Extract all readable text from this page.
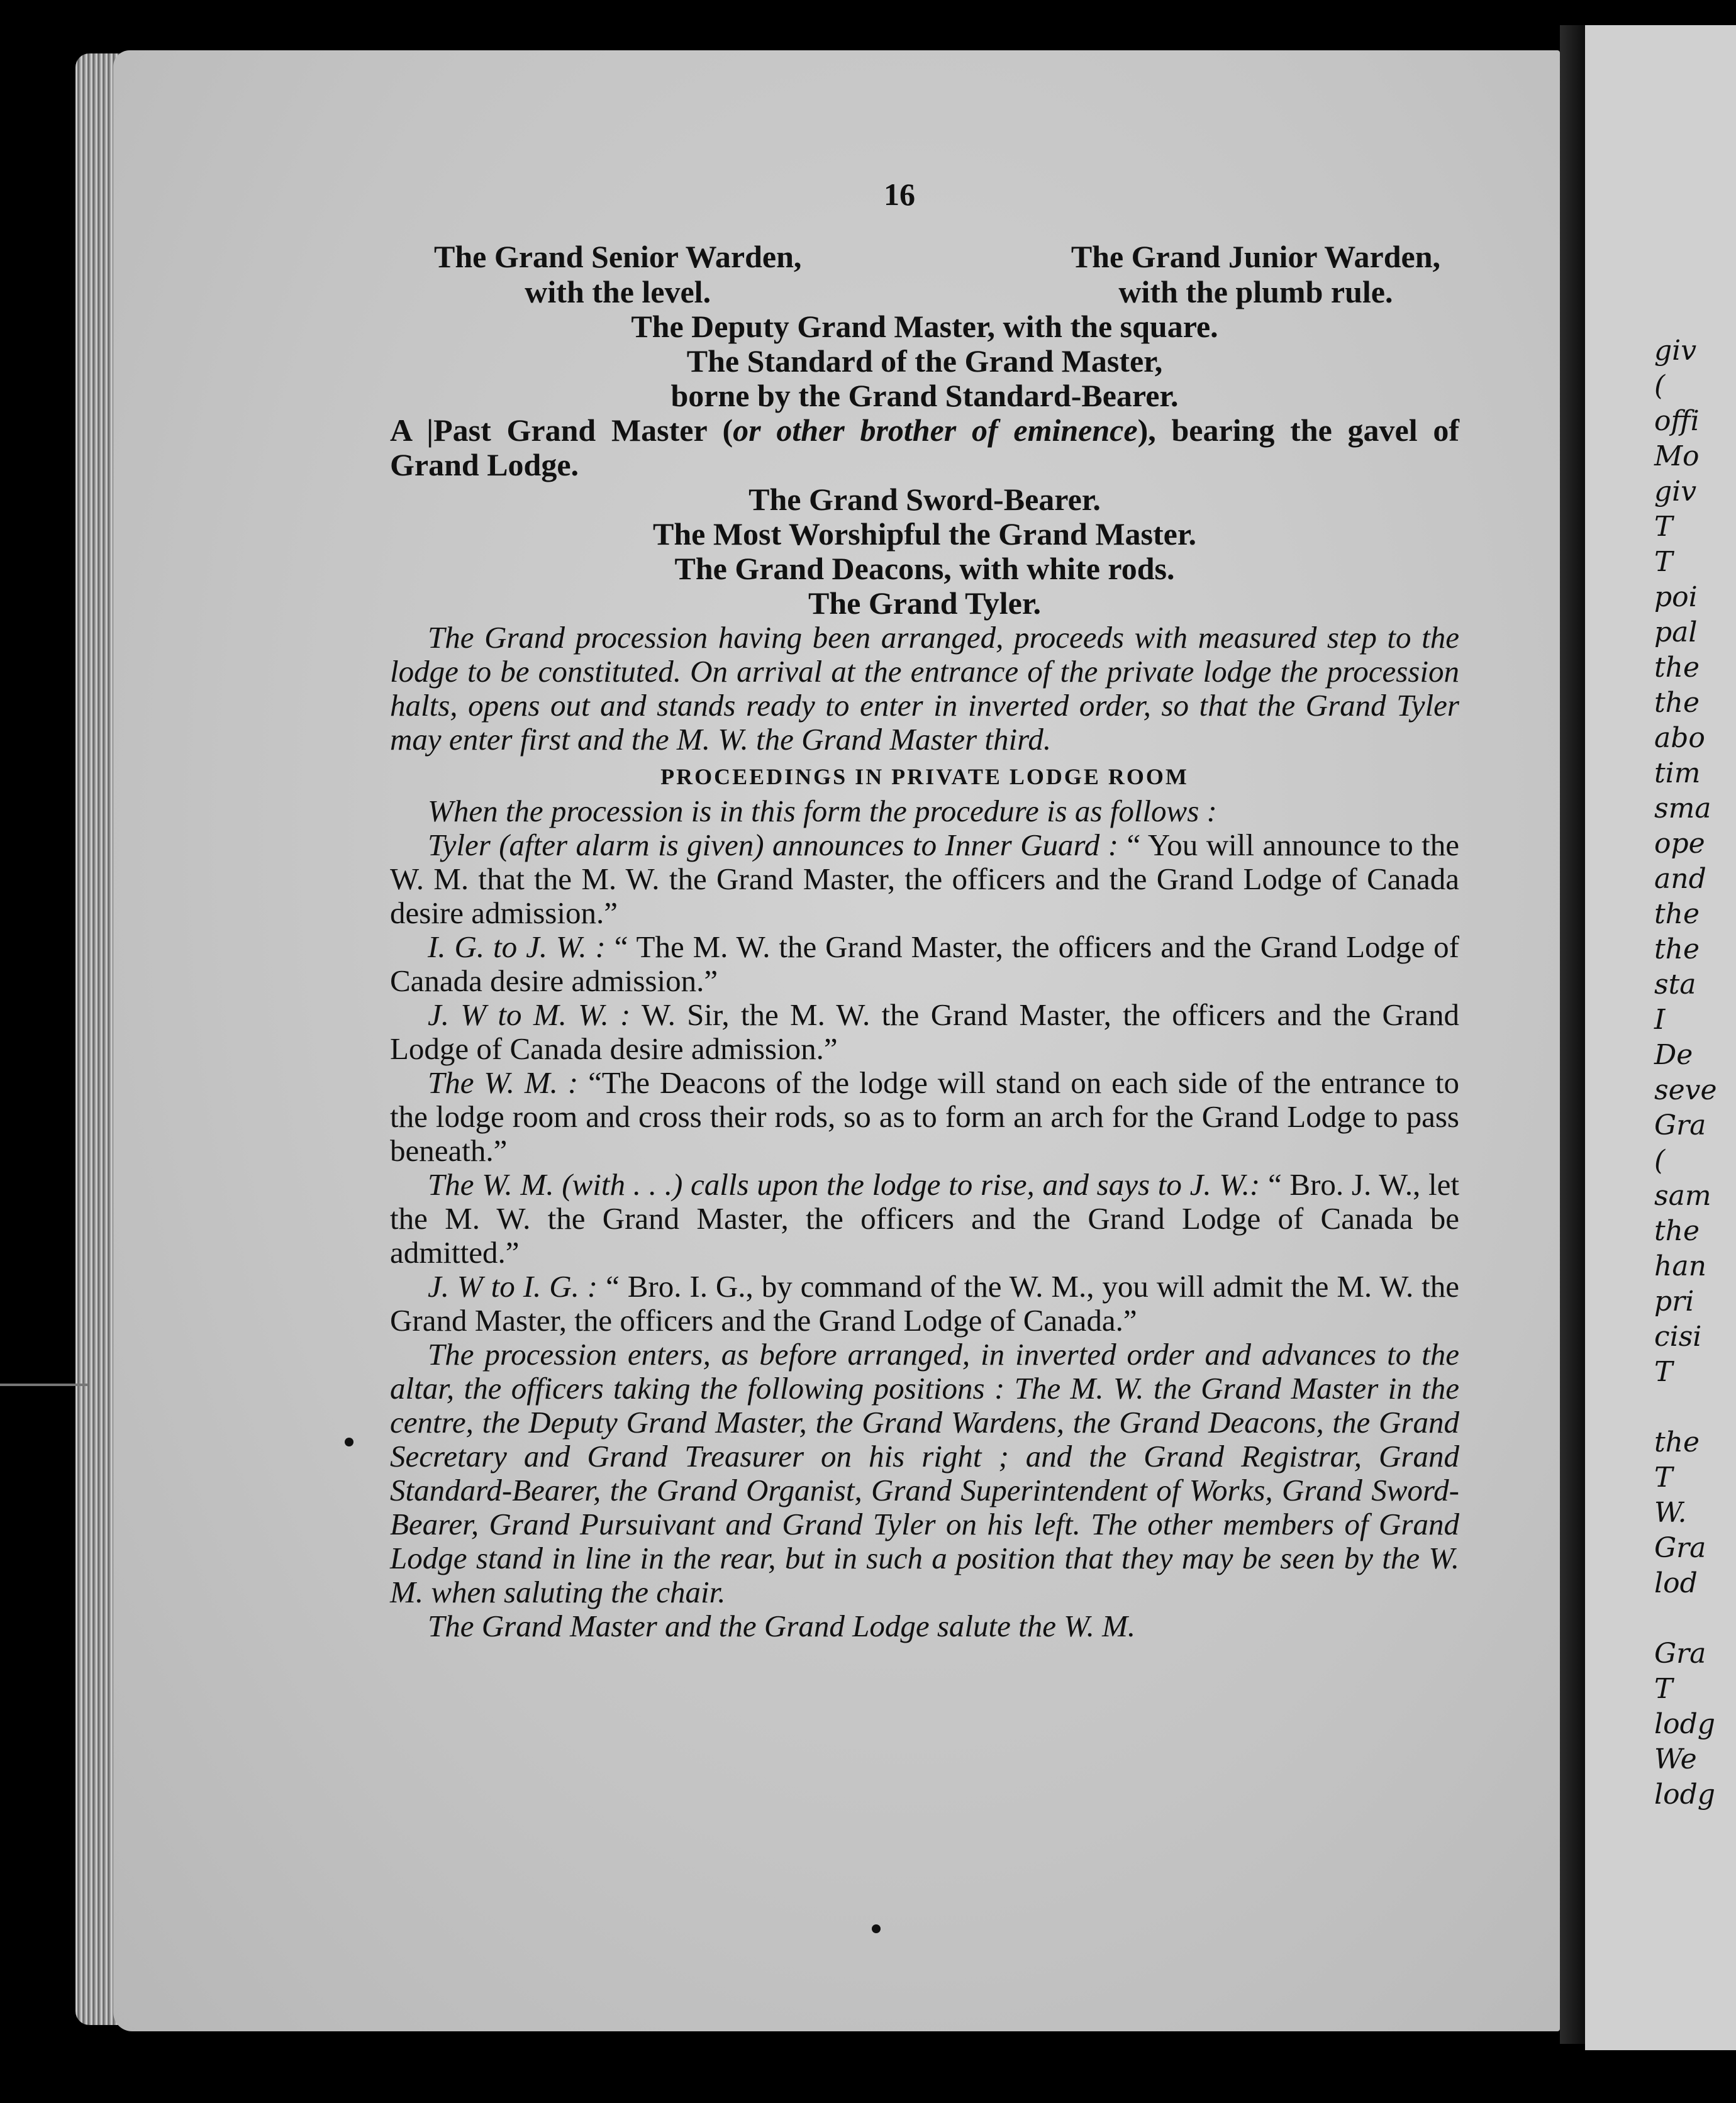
giv
(
offi
Mo
giv
T
T
poi
pal
the
the
abo
tim
sma
ope
and
the
the
sta
I
De
seve
Gra
(
sam
the
han
pri
cisi
T

the
T
W.
Gra
lod

Gra
T
lodg
We
lodg
16
The Grand Senior Warden,
with the level.
The Grand Junior Warden,
with the plumb rule.
The Deputy Grand Master, with the square.
The Standard of the Grand Master,
borne by the Grand Standard-Bearer.
A |Past Grand Master (or other brother of eminence), bearing the gavel of Grand Lodge.
The Grand Sword-Bearer.
The Most Worshipful the Grand Master.
The Grand Deacons, with white rods.
The Grand Tyler.

The Grand procession having been arranged, proceeds with measured step to the lodge to be constituted. On arrival at the entrance of the private lodge the procession halts, opens out and stands ready to enter in inverted order, so that the Grand Tyler may enter first and the M. W. the Grand Master third.

PROCEEDINGS IN PRIVATE LODGE ROOM

When the procession is in this form the procedure is as follows :

Tyler (after alarm is given) announces to Inner Guard : “ You will announce to the W. M. that the M. W. the Grand Master, the officers and the Grand Lodge of Canada desire admission.”

I. G. to J. W. : “ The M. W. the Grand Master, the officers and the Grand Lodge of Canada desire admission.”

J. W to M. W. : W. Sir, the M. W. the Grand Master, the officers and the Grand Lodge of Canada desire admission.”

The W. M. : “The Deacons of the lodge will stand on each side of the entrance to the lodge room and cross their rods, so as to form an arch for the Grand Lodge to pass beneath.”

The W. M. (with . . .) calls upon the lodge to rise, and says to J. W.: “ Bro. J. W., let the M. W. the Grand Master, the officers and the Grand Lodge of Canada be admitted.”

J. W to I. G. : “ Bro. I. G., by command of the W. M., you will admit the M. W. the Grand Master, the officers and the Grand Lodge of Canada.”

The procession enters, as before arranged, in inverted order and advances to the altar, the officers taking the following positions : The M. W. the Grand Master in the centre, the Deputy Grand Master, the Grand Wardens, the Grand Deacons, the Grand Secretary and Grand Treasurer on his right ; and the Grand Registrar, Grand Standard-Bearer, the Grand Organist, Grand Superintendent of Works, Grand Sword-Bearer, Grand Pursuivant and Grand Tyler on his left. The other members of Grand Lodge stand in line in the rear, but in such a position that they may be seen by the W. M. when saluting the chair.

The Grand Master and the Grand Lodge salute the W. M.
